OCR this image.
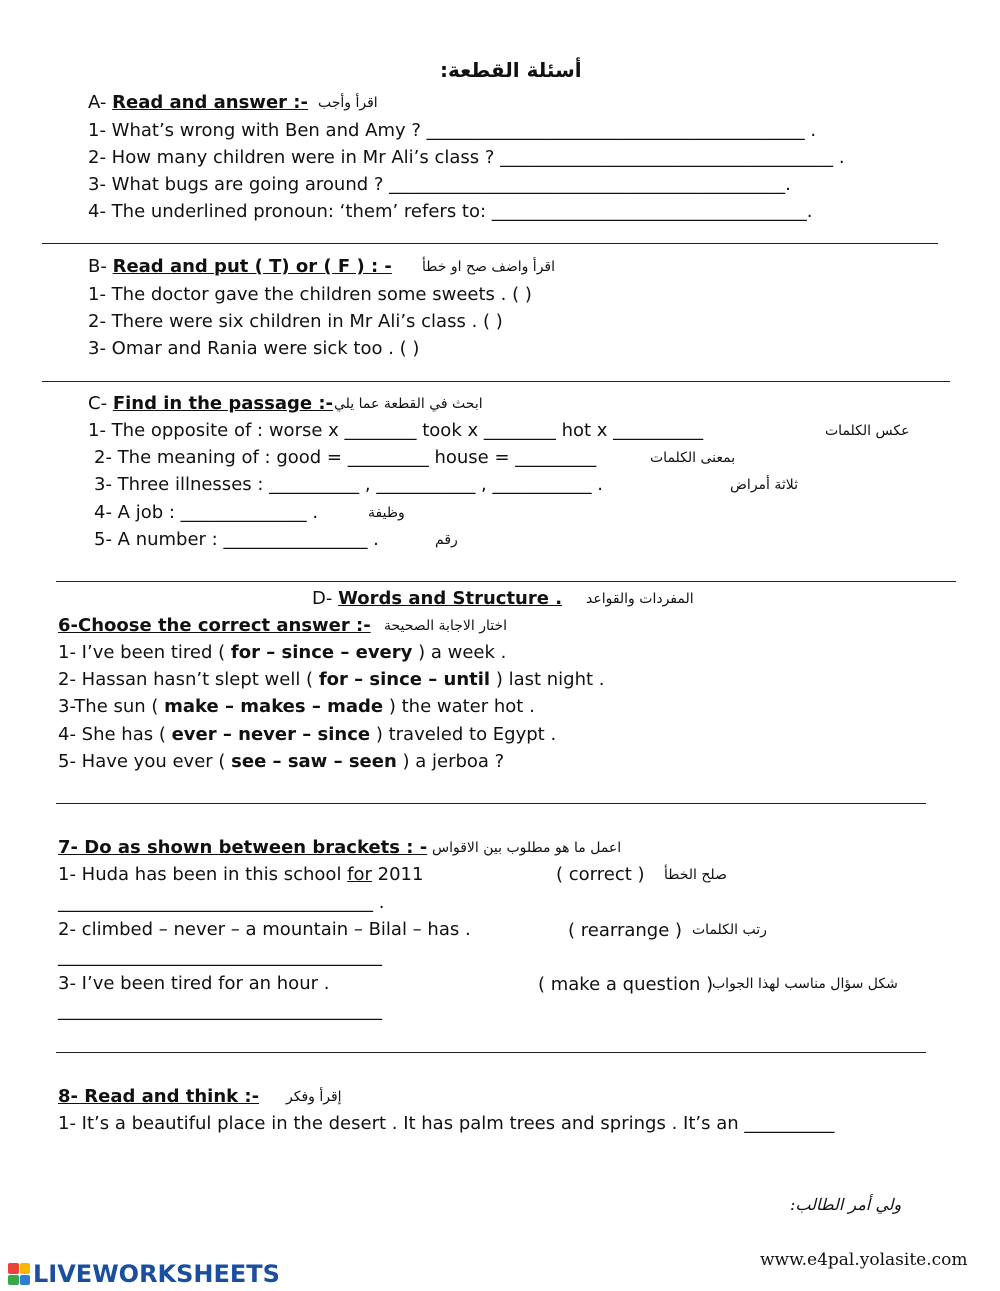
أسئلة القطعة:
A- Read and answer :- اقرأ وأجب
1- What’s wrong with Ben and Amy ? __________________________________________ .
2- How many children were in Mr Ali’s class ? _____________________________________ .
3- What bugs are going around ? ____________________________________________.
4- The underlined pronoun: ‘them’ refers to: ___________________________________.
B- Read and put ( T) or ( F ) : - اقرأ واضف صح او خطأ
1- The doctor gave the children some sweets . ( )
2- There were six children in Mr Ali’s class . ( )
3- Omar and Rania were sick too . ( )
C- Find in the passage :- ابحث في القطعة عما يلي
1- The opposite of : worse x ________ took x ________ hot x __________	عكس الكلمات
2- The meaning of : good = _________ house = _________	بمعنى الكلمات
3- Three illnesses : __________ , ___________ , ___________ .	ثلاثة أمراض
4- A job : ______________ .	وظيفة
5- A number : ________________ .	رقم
D- Words and Structure . المفردات والقواعد
6-Choose the correct answer :- اختار الاجابة الصحيحة
1- I’ve been tired ( for – since – every ) a week .
2- Hassan hasn’t slept well ( for – since – until ) last night .
3-The sun ( make – makes – made ) the water hot .
4- She has ( ever – never – since ) traveled to Egypt .
5- Have you ever ( see – saw – seen ) a jerboa ?
7- Do as shown between brackets : - اعمل ما هو مطلوب بين الاقواس
1- Huda has been in this school for 2011	( correct ) صلح الخطأ
___________________________________ .
2- climbed – never – a mountain – Bilal – has .	( rearrange ) رتب الكلمات
____________________________________
3- I’ve been tired for an hour .	( make a question )
شكل سؤال مناسب لهذا الجواب
____________________________________
8- Read and think :- إقرأ وفكر
1- It’s a beautiful place in the desert . It has palm trees and springs . It’s an __________
ولي أمر الطالب:
LIVEWORKSHEETS	www.e4pal.yolasite.com
